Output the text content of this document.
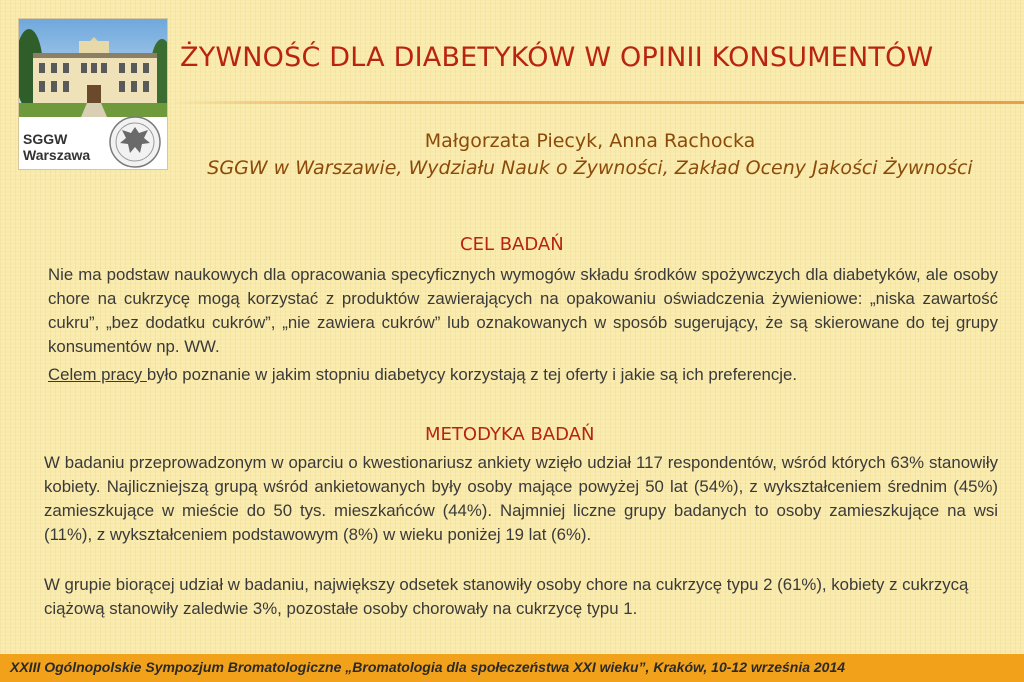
SGGW
Warszawa
ŻYWNOŚĆ DLA DIABETYKÓW W OPINII KONSUMENTÓW
Małgorzata Piecyk, Anna Rachocka
SGGW w Warszawie, Wydziału Nauk o Żywności, Zakład Oceny Jakości Żywności
CEL BADAŃ

Nie ma podstaw naukowych dla opracowania specyficznych wymogów składu środków spożywczych dla diabetyków, ale osoby chore na cukrzycę mogą korzystać z produktów zawierających na opakowaniu oświadczenia żywieniowe: „niska zawartość cukru”, „bez dodatku cukrów”, „nie zawiera cukrów” lub oznakowanych w sposób sugerujący, że są skierowane do tej grupy konsumentów np. WW.

Celem pracy było poznanie w jakim stopniu diabetycy korzystają z tej oferty i jakie są ich preferencje.

METODYKA BADAŃ

W badaniu przeprowadzonym w oparciu o kwestionariusz ankiety wzięło udział 117 respondentów, wśród których 63% stanowiły kobiety. Najliczniejszą grupą wśród ankietowanych były osoby mające powyżej 50 lat (54%), z wykształceniem średnim (45%) zamieszkujące w mieście do 50 tys. mieszkańców (44%). Najmniej liczne grupy badanych to osoby zamieszkujące na wsi (11%), z wykształceniem podstawowym (8%) w wieku poniżej 19 lat (6%).

W grupie biorącej udział w badaniu, największy odsetek stanowiły osoby chore na cukrzycę typu 2 (61%), kobiety z cukrzycą ciążową stanowiły zaledwie 3%, pozostałe osoby chorowały na cukrzycę typu 1.

XXIII Ogólnopolskie Sympozjum Bromatologiczne „Bromatologia dla społeczeństwa XXI wieku”, Kraków, 10-12 września 2014
